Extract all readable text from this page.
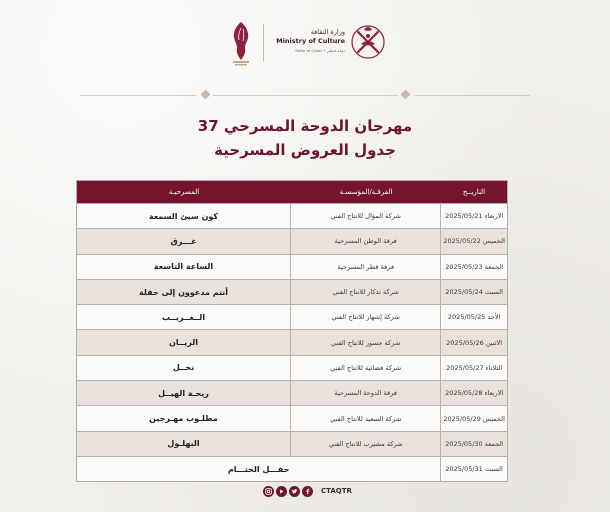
وزارة الثقافة
Ministry of Culture
State of Qatar • دولـة قـطـر
مهرجان الدوحة المسرحي 37
جدول العروض المسرحية
المسرحيـة	الفرقـة/المؤسسـة	التاريــخ
كون سيئ السمعة	شركة المؤال للانتاج الفني	الاربعاء 2025/05/21
غـــرق	فرقة الوطن المسرحية	الخميس 2025/05/22
الساعة التاسعة	فرقة قطر المسرحية	الجمعة 2025/05/23
أنتم مدعوون إلى حفلة	شركة تذكار للانتاج الفني	السبت 2025/05/24
الــغــريــب	شركة إشهار للانتاج الفني	الأحد 2025/05/25
الريــان	شركة جسور للانتاج الفني	الاثنين 2025/05/26
نخــل	شركة فضائية للانتاج الفني	الثلاثاء 2025/05/27
ريحـة الهيــل	فرقة الدوحة المسرحية	الاربعاء 2025/05/28
مطلـوب مهـرجين	شركة السعيد للانتاج الفني	الخميس 2025/05/29
البهلـول	شركة مشيرب للانتاج الفني	الجمعة 2025/05/30
حفـــل الختـــام	السبت 2025/05/31
CTAQTR
